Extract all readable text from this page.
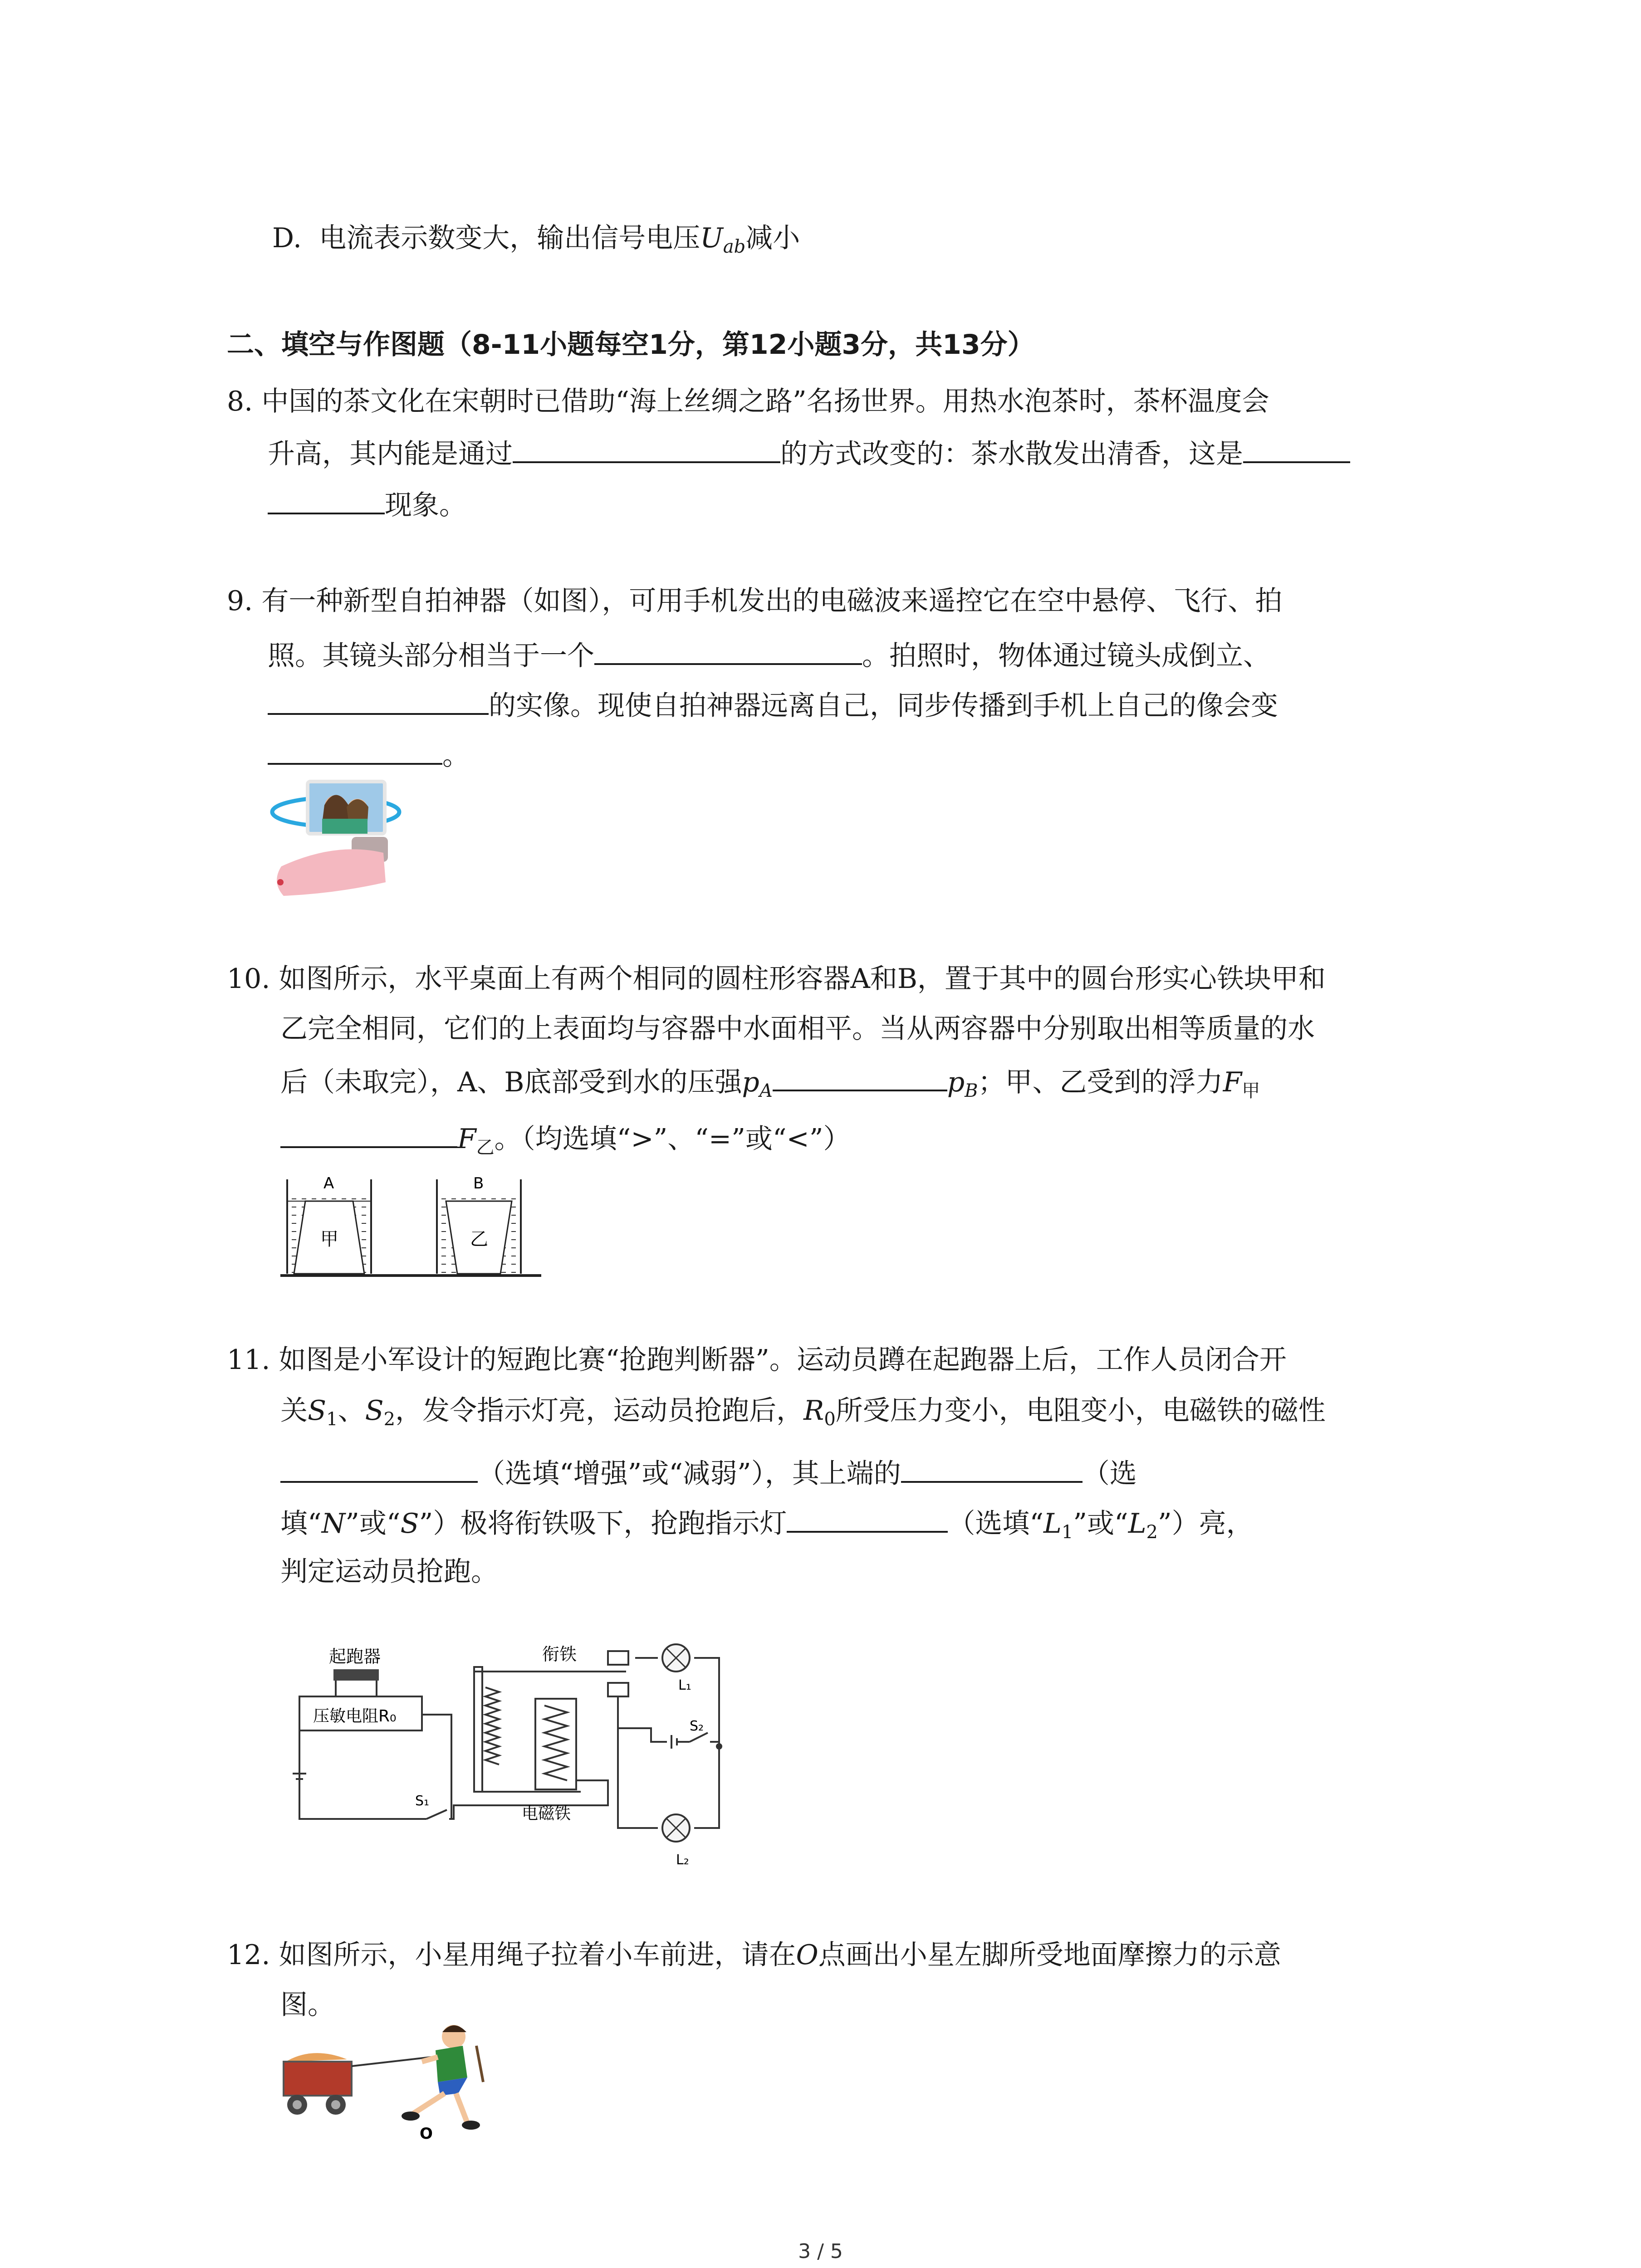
D. 电流表示数变大，输出信号电压$U_{ab}$减小
二、填空与作图题（8-11小题每空1分，第12小题3分，共13分）
8. 中国的茶文化在宋朝时已借助“海上丝绸之路”名扬世界。用热水泡茶时，茶杯温度会
升高，其内能是通过	的方式改变的：茶水散发出清香，这是
现象。
9. 有一种新型自拍神器（如图），可用手机发出的电磁波来遥控它在空中悬停、飞行、拍
照。其镜头部分相当于一个	。拍照时，物体通过镜头成倒立、
的实像。现使自拍神器远离自己，同步传播到手机上自己的像会变
。
10. 如图所示，水平桌面上有两个相同的圆柱形容器A和B，置于其中的圆台形实心铁块甲和
乙完全相同，它们的上表面均与容器中水面相平。当从两容器中分别取出相等质量的水
后（未取完），A、B底部受到水的压强$p_A$	$p_B$；甲、乙受到的浮力$F_甲$
$F_乙$。（均选填“>”、“=”或“<”）
A	B
甲	乙
11. 如图是小军设计的短跑比赛“抢跑判断器”。运动员蹲在起跑器上后，工作人员闭合开
关$S_1$、$S_2$，发令指示灯亮，运动员抢跑后，$R_0$所受压力变小，电阻变小，电磁铁的磁性
（选填“增强”或“减弱”），其上端的	（选
填“N”或“S”）极将衔铁吸下，抢跑指示灯	（选填“$L_1$”或“$L_2$”）亮，
判定运动员抢跑。
起跑器
压敏电阻R₀
衔铁
电磁铁
S₁
S₂
L₁
L₂
12. 如图所示，小星用绳子拉着小车前进，请在O点画出小星左脚所受地面摩擦力的示意
图。
O
3 / 5
